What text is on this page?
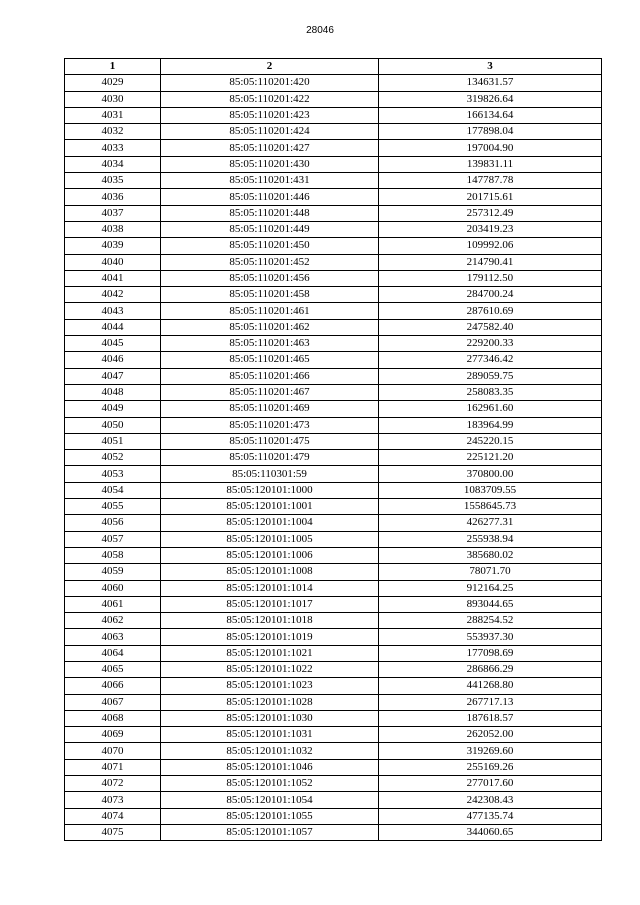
28046
1	2	3
4029	85:05:110201:420	134631.57
4030	85:05:110201:422	319826.64
4031	85:05:110201:423	166134.64
4032	85:05:110201:424	177898.04
4033	85:05:110201:427	197004.90
4034	85:05:110201:430	139831.11
4035	85:05:110201:431	147787.78
4036	85:05:110201:446	201715.61
4037	85:05:110201:448	257312.49
4038	85:05:110201:449	203419.23
4039	85:05:110201:450	109992.06
4040	85:05:110201:452	214790.41
4041	85:05:110201:456	179112.50
4042	85:05:110201:458	284700.24
4043	85:05:110201:461	287610.69
4044	85:05:110201:462	247582.40
4045	85:05:110201:463	229200.33
4046	85:05:110201:465	277346.42
4047	85:05:110201:466	289059.75
4048	85:05:110201:467	258083.35
4049	85:05:110201:469	162961.60
4050	85:05:110201:473	183964.99
4051	85:05:110201:475	245220.15
4052	85:05:110201:479	225121.20
4053	85:05:110301:59	370800.00
4054	85:05:120101:1000	1083709.55
4055	85:05:120101:1001	1558645.73
4056	85:05:120101:1004	426277.31
4057	85:05:120101:1005	255938.94
4058	85:05:120101:1006	385680.02
4059	85:05:120101:1008	78071.70
4060	85:05:120101:1014	912164.25
4061	85:05:120101:1017	893044.65
4062	85:05:120101:1018	288254.52
4063	85:05:120101:1019	553937.30
4064	85:05:120101:1021	177098.69
4065	85:05:120101:1022	286866.29
4066	85:05:120101:1023	441268.80
4067	85:05:120101:1028	267717.13
4068	85:05:120101:1030	187618.57
4069	85:05:120101:1031	262052.00
4070	85:05:120101:1032	319269.60
4071	85:05:120101:1046	255169.26
4072	85:05:120101:1052	277017.60
4073	85:05:120101:1054	242308.43
4074	85:05:120101:1055	477135.74
4075	85:05:120101:1057	344060.65
